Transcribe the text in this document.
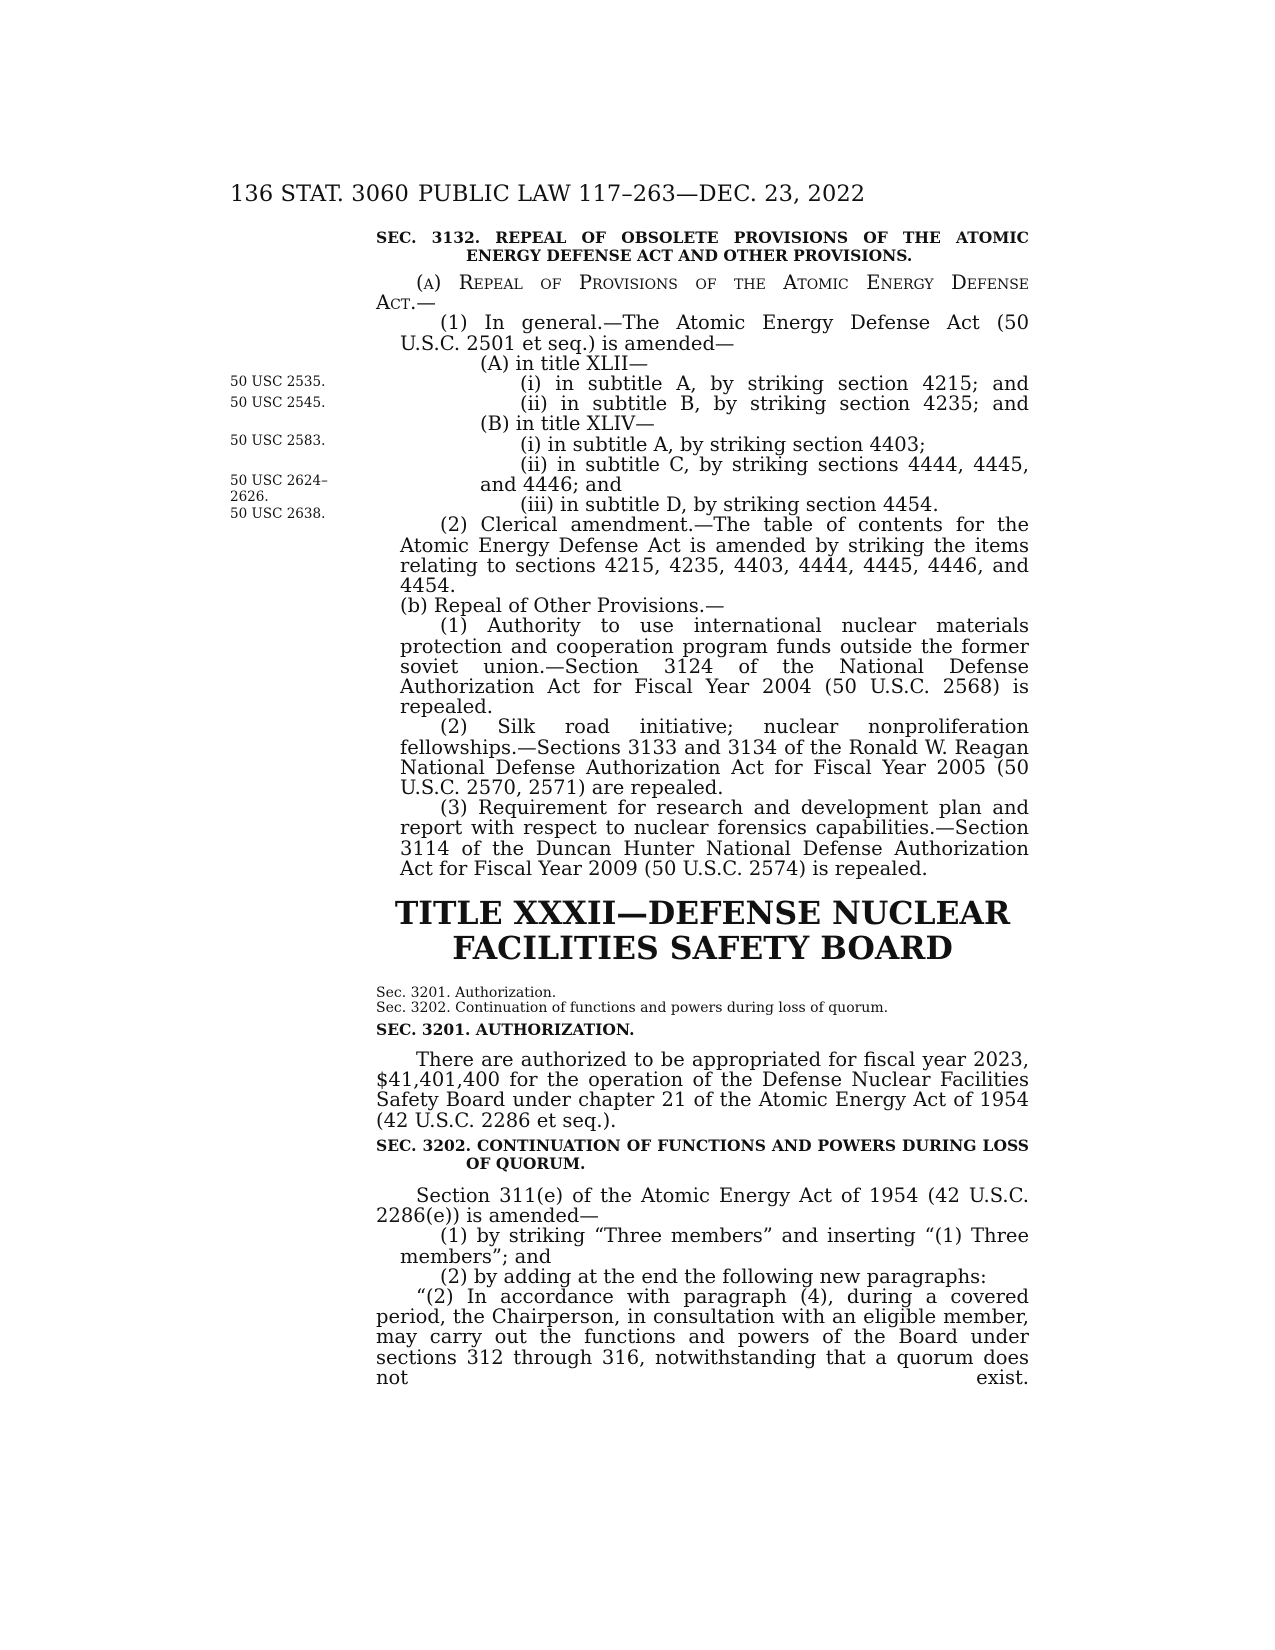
136 STAT. 3060 PUBLIC LAW 117–263—DEC. 23, 2022
50 USC 2535.
50 USC 2545.
50 USC 2583.
50 USC 2624–
2626.
50 USC 2638.

SEC. 3132. REPEAL OF OBSOLETE PROVISIONS OF THE ATOMIC

ENERGY DEFENSE ACT AND OTHER PROVISIONS.

(a) Repeal of Provisions of the Atomic Energy Defense

Act.—

(1) In general.—The Atomic Energy Defense Act (50

U.S.C. 2501 et seq.) is amended—

(A) in title XLII—

(i) in subtitle A, by striking section 4215; and

(ii) in subtitle B, by striking section 4235; and

(B) in title XLIV—

(i) in subtitle A, by striking section 4403;

(ii) in subtitle C, by striking sections 4444, 4445,

and 4446; and

(iii) in subtitle D, by striking section 4454.

(2) Clerical amendment.—The table of contents for the Atomic Energy Defense Act is amended by striking the items relating to sections 4215, 4235, 4403, 4444, 4445, 4446, and 4454.

(b) Repeal of Other Provisions.—

(1) Authority to use international nuclear materials protection and cooperation program funds outside the former soviet union.—Section 3124 of the National Defense Authorization Act for Fiscal Year 2004 (50 U.S.C. 2568) is repealed.

(2) Silk road initiative; nuclear nonproliferation fellowships.—Sections 3133 and 3134 of the Ronald W. Reagan National Defense Authorization Act for Fiscal Year 2005 (50 U.S.C. 2570, 2571) are repealed.

(3) Requirement for research and development plan and report with respect to nuclear forensics capabilities.—Section 3114 of the Duncan Hunter National Defense Authorization Act for Fiscal Year 2009 (50 U.S.C. 2574) is repealed.

TITLE XXXII—DEFENSE NUCLEAR
FACILITIES SAFETY BOARD
Sec. 3201. Authorization.
Sec. 3202. Continuation of functions and powers during loss of quorum.

SEC. 3201. AUTHORIZATION.

There are authorized to be appropriated for fiscal year 2023, $41,401,400 for the operation of the Defense Nuclear Facilities Safety Board under chapter 21 of the Atomic Energy Act of 1954 (42 U.S.C. 2286 et seq.).

SEC. 3202. CONTINUATION OF FUNCTIONS AND POWERS DURING LOSS

OF QUORUM.

Section 311(e) of the Atomic Energy Act of 1954 (42 U.S.C. 2286(e)) is amended—

(1) by striking “Three members” and inserting “(1) Three members”; and

(2) by adding at the end the following new paragraphs:

“(2) In accordance with paragraph (4), during a covered period, the Chairperson, in consultation with an eligible member, may carry out the functions and powers of the Board under sections 312 through 316, notwithstanding that a quorum does not exist.
